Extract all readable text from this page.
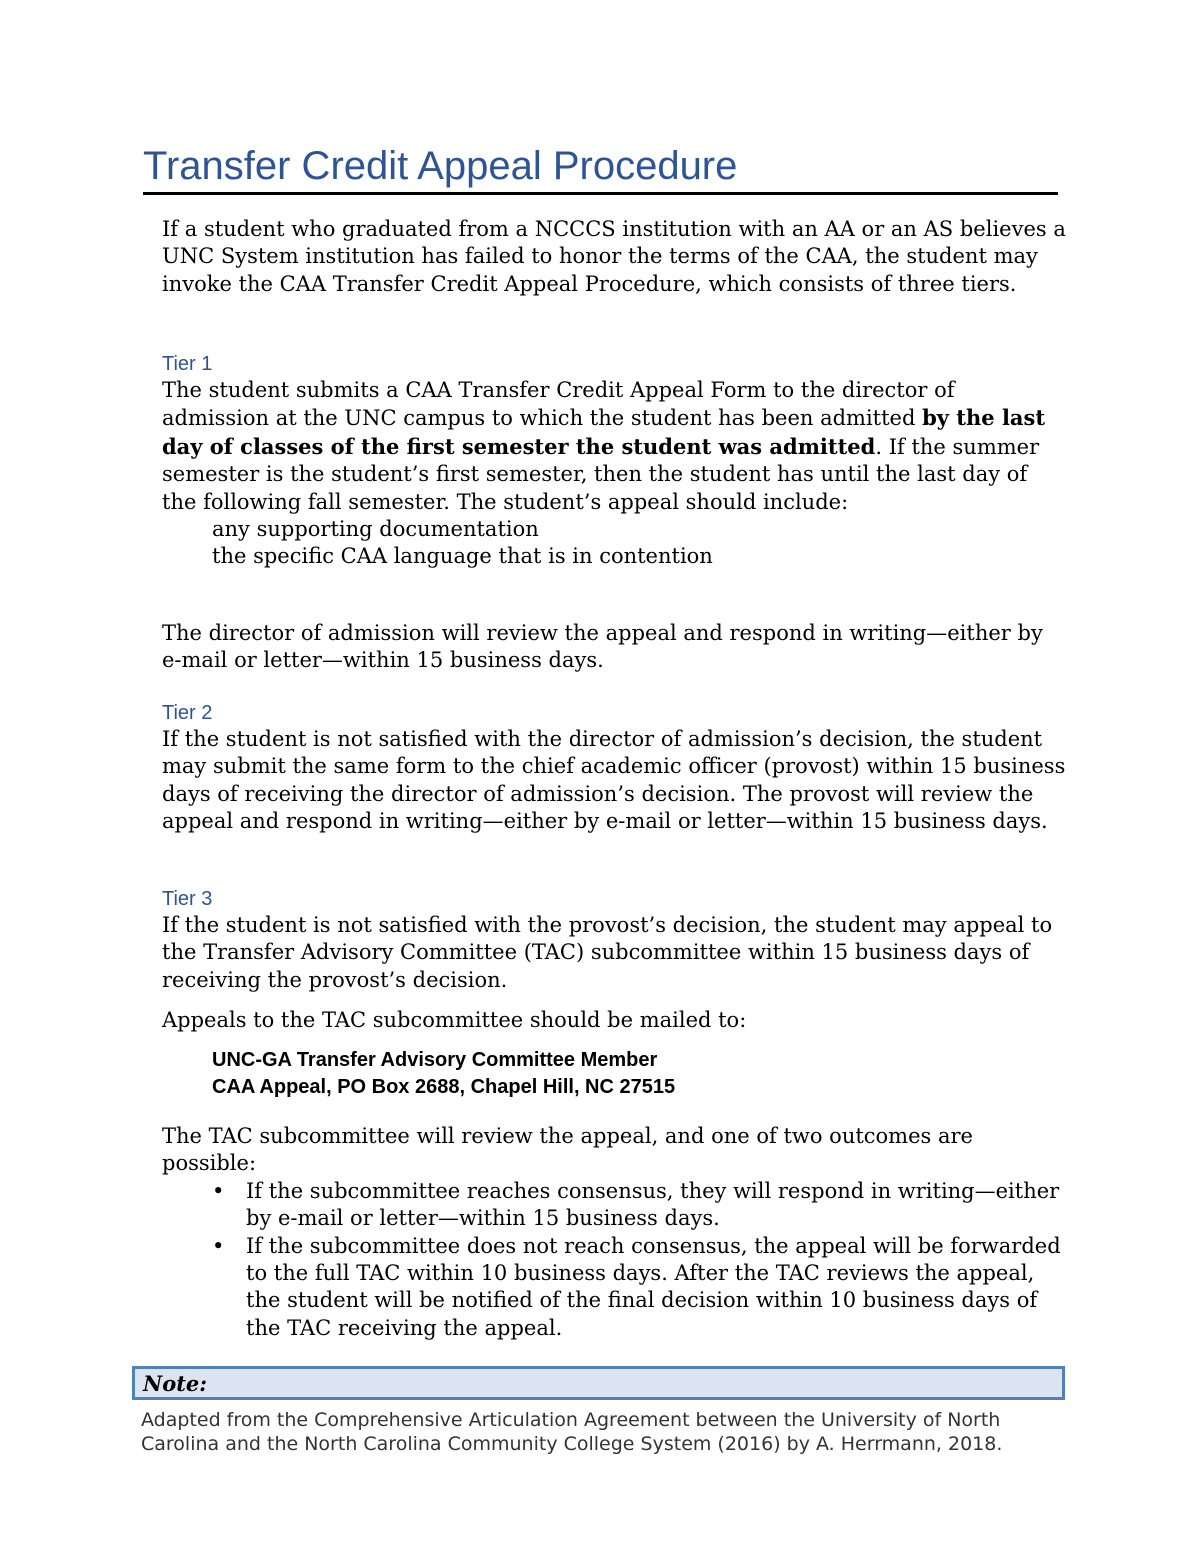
Transfer Credit Appeal Procedure

If a student who graduated from a NCCCS institution with an AA or an AS believes a UNC System institution has failed to honor the terms of the CAA, the student may invoke the CAA Transfer Credit Appeal Procedure, which consists of three tiers.

Tier 1

The student submits a CAA Transfer Credit Appeal Form to the director of admission at the UNC campus to which the student has been admitted by the last day of classes of the first semester the student was admitted. If the summer semester is the student’s first semester, then the student has until the last day of the following fall semester. The student’s appeal should include:

any supporting documentation

the specific CAA language that is in contention

The director of admission will review the appeal and respond in writing—either by e-mail or letter—within 15 business days.

Tier 2

If the student is not satisfied with the director of admission’s decision, the student may submit the same form to the chief academic officer (provost) within 15 business days of receiving the director of admission’s decision. The provost will review the appeal and respond in writing—either by e-mail or letter—within 15 business days.

Tier 3

If the student is not satisfied with the provost’s decision, the student may appeal to the Transfer Advisory Committee (TAC) subcommittee within 15 business days of receiving the provost’s decision.

Appeals to the TAC subcommittee should be mailed to:

UNC-GA Transfer Advisory Committee Member
CAA Appeal, PO Box 2688, Chapel Hill, NC 27515

The TAC subcommittee will review the appeal, and one of two outcomes are possible:

• If the subcommittee reaches consensus, they will respond in writing—either by e-mail or letter—within 15 business days.
• If the subcommittee does not reach consensus, the appeal will be forwarded to the full TAC within 10 business days. After the TAC reviews the appeal, the student will be notified of the final decision within 10 business days of the TAC receiving the appeal.
Note:
Adapted from the Comprehensive Articulation Agreement between the University of North Carolina and the North Carolina Community College System (2016) by A. Herrmann, 2018.
